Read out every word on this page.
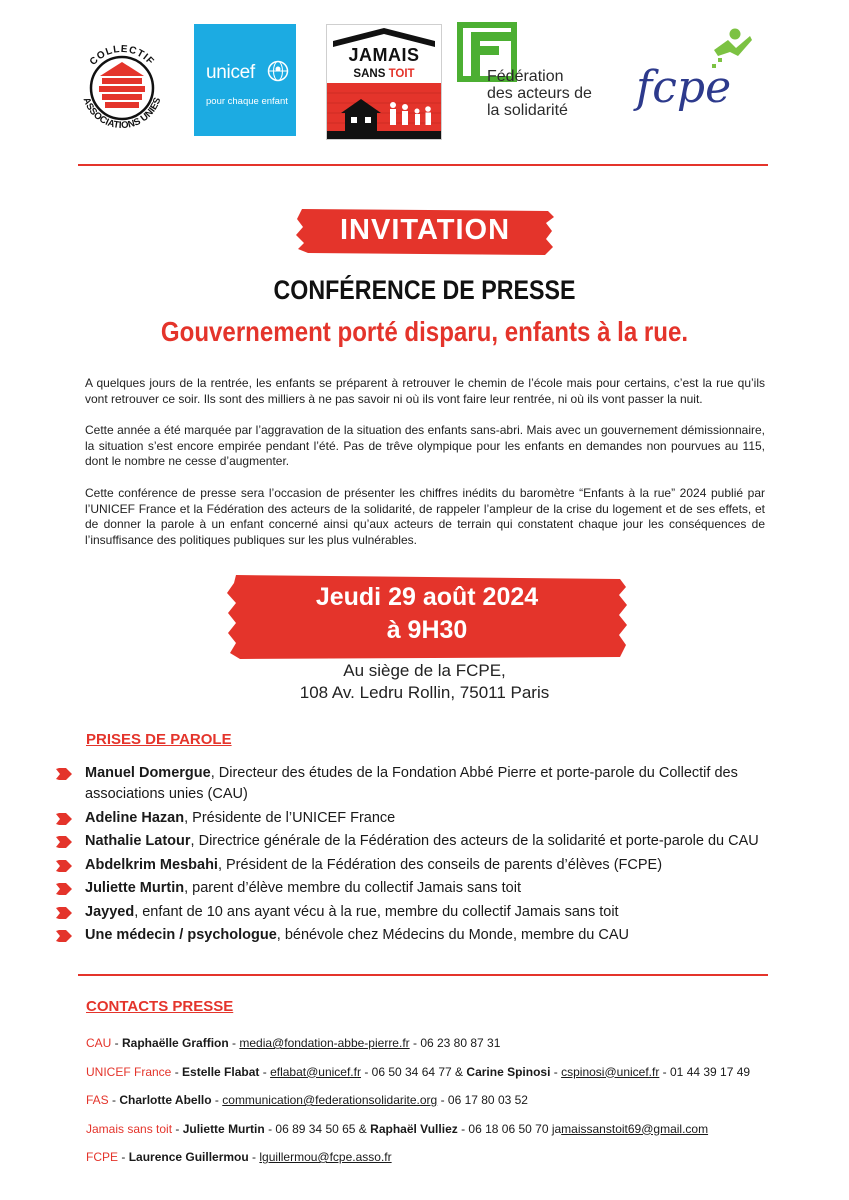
COLLECTIF
ASSOCIATIONS UNIES
unicef
pour chaque enfant
JAMAIS
SANS TOIT	Fédération
des acteurs de
la solidarité	fcpe
INVITATION
CONFÉRENCE DE PRESSE
Gouvernement porté disparu, enfants à la rue.

A quelques jours de la rentrée, les enfants se préparent à retrouver le chemin de l’école mais pour certains, c’est la rue qu’ils vont retrouver ce soir. Ils sont des milliers à ne pas savoir ni où ils vont faire leur rentrée, ni où ils vont passer la nuit.

Cette année a été marquée par l’aggravation de la situation des enfants sans-abri. Mais avec un gouvernement démissionnaire, la situation s’est encore empirée pendant l’été. Pas de trêve olympique pour les enfants en demandes non pourvues au 115, dont le nombre ne cesse d’augmenter.

Cette conférence de presse sera l’occasion de présenter les chiffres inédits du baromètre “Enfants à la rue” 2024 publié par l’UNICEF France et la Fédération des acteurs de la solidarité, de rappeler l’ampleur de la crise du logement et de ses effets, et de donner la parole à un enfant concerné ainsi qu’aux acteurs de terrain qui constatent chaque jour les conséquences de l’insuffisance des politiques publiques sur les plus vulnérables.

Jeudi 29 août 2024
à 9H30
Au siège de la FCPE,
108 Av. Ledru Rollin, 75011 Paris
PRISES DE PAROLE
Manuel Domergue, Directeur des études de la Fondation Abbé Pierre et porte-parole du Collectif des associations unies (CAU)
Adeline Hazan, Présidente de l’UNICEF France
Nathalie Latour, Directrice générale de la Fédération des acteurs de la solidarité et porte-parole du CAU
Abdelkrim Mesbahi, Président de la Fédération des conseils de parents d’élèves (FCPE)
Juliette Murtin, parent d’élève membre du collectif Jamais sans toit
Jayyed, enfant de 10 ans ayant vécu à la rue, membre du collectif Jamais sans toit
Une médecin / psychologue, bénévole chez Médecins du Monde, membre du CAU
CONTACTS PRESSE
CAU - Raphaëlle Graffion - media@fondation-abbe-pierre.fr - 06 23 80 87 31
UNICEF France - Estelle Flabat - eflabat@unicef.fr - 06 50 34 64 77 & Carine Spinosi - cspinosi@unicef.fr - 01 44 39 17 49
FAS - Charlotte Abello - communication@federationsolidarite.org - 06 17 80 03 52
Jamais sans toit - Juliette Murtin - 06 89 34 50 65 & Raphaël Vulliez - 06 18 06 50 70 jamaissanstoit69@gmail.com
FCPE - Laurence Guillermou - lguillermou@fcpe.asso.fr
